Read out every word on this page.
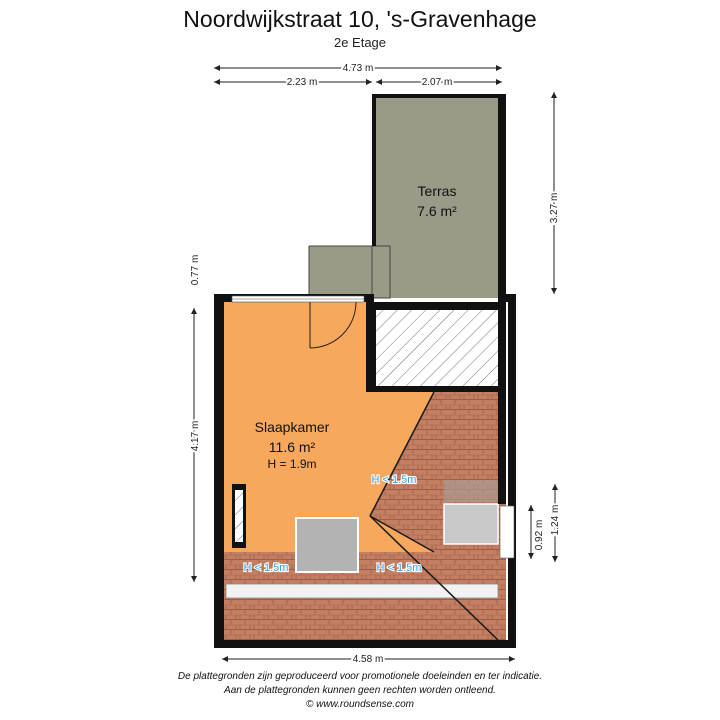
Noordwijkstraat 10, 's-Gravenhage
2e Etage
4.73 m
2.23 m	2.07 m
3.27 m
0.77 m
4.17 m
1.24 m
0.92 m
4.58 m
Terras
7.6 m²
Slaapkamer
11.6 m²
H = 1.9m
H < 1.5m
H < 1.5m	H < 1.5m
De plattegronden zijn geproduceerd voor promotionele doeleinden en ter indicatie.
Aan de plattegronden kunnen geen rechten worden ontleend.
© www.roundsense.com
